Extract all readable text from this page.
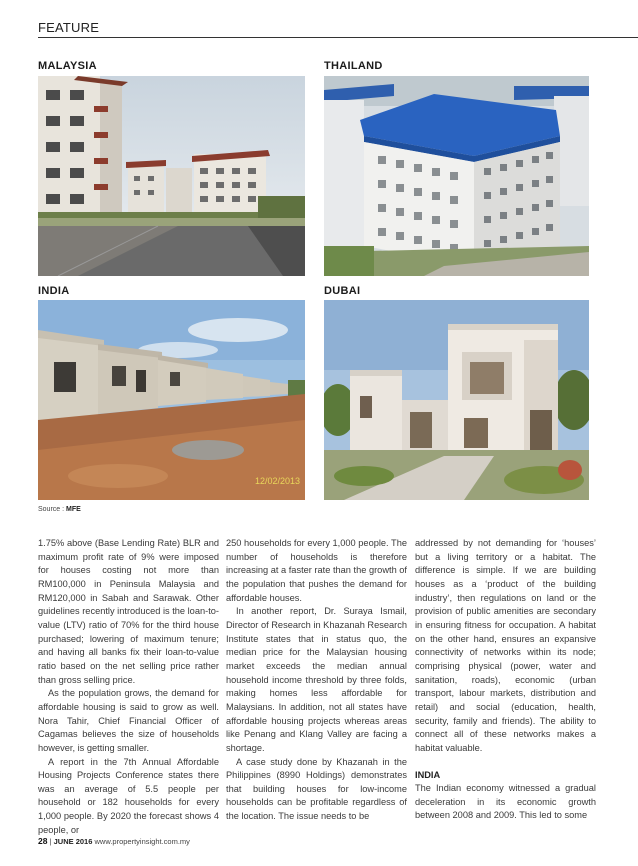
FEATURE
MALAYSIA	THAILAND
INDIA	DUBAI
12/02/2013
Source : MFE

1.75% above (Base Lending Rate) BLR and maximum profit rate of 9% were imposed for houses costing not more than RM100,000 in Peninsula Malaysia and RM120,000 in Sabah and Sarawak. Other guidelines recently introduced is the loan-to-value (LTV) ratio of 70% for the third house purchased; lowering of maximum tenure; and having all banks fix their loan-to-value ratio based on the net selling price rather than gross selling price.

As the population grows, the demand for affordable housing is said to grow as well. Nora Tahir, Chief Financial Officer of Cagamas believes the size of households however, is getting smaller.

A report in the 7th Annual Affordable Housing Projects Conference states there was an average of 5.5 people per household or 182 households for every 1,000 people. By 2020 the forecast shows 4 people, or

250 households for every 1,000 people. The number of households is therefore increasing at a faster rate than the growth of the population that pushes the demand for affordable houses.

In another report, Dr. Suraya Ismail, Director of Research in Khazanah Research Institute states that in status quo, the median price for the Malaysian housing market exceeds the median annual household income threshold by three folds, making homes less affordable for Malaysians. In addition, not all states have affordable housing projects whereas areas like Penang and Klang Valley are facing a shortage.

A case study done by Khazanah in the Philippines (8990 Holdings) demonstrates that building houses for low-income households can be profitable regardless of the location. The issue needs to be

addressed by not demanding for ‘houses’ but a living territory or a habitat. The difference is simple. If we are building houses as a ‘product of the building industry’, then regulations on land or the provision of public amenities are secondary in ensuring fitness for occupation. A habitat on the other hand, ensures an expansive connectivity of networks within its node; comprising physical (power, water and sanitation, roads), economic (urban transport, labour markets, distribution and retail) and social (education, health, security, family and friends). The ability to connect all of these networks makes a habitat valuable.

INDIA

The Indian economy witnessed a gradual deceleration in its economic growth between 2008 and 2009. This led to some

28 | JUNE 2016 www.propertyinsight.com.my
